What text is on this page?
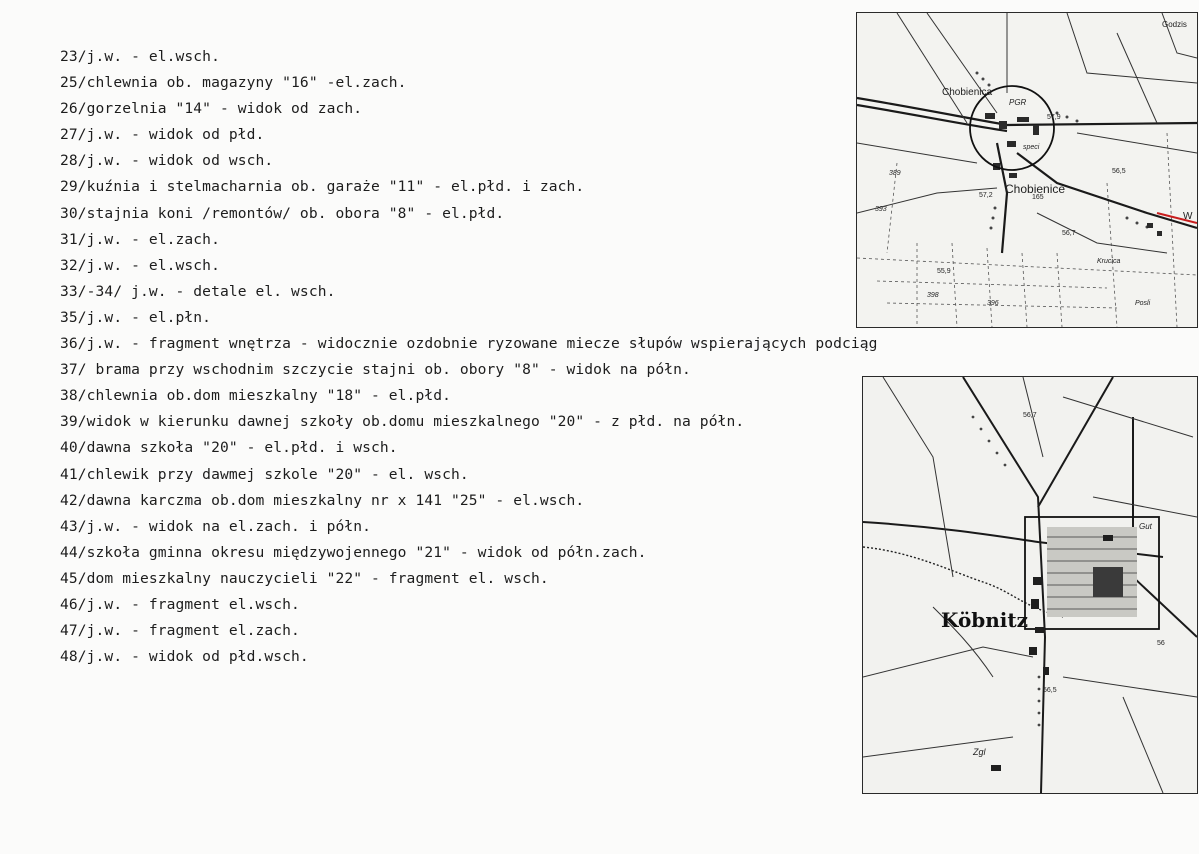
23/j.w. - el.wsch.
25/chlewnia ob. magazyny "16" -el.zach.
26/gorzelnia "14" - widok od zach.
27/j.w. - widok od płd.
28/j.w. - widok od wsch.
29/kuźnia i stelmacharnia ob. garaże "11" - el.płd. i zach.
30/stajnia koni /remontów/ ob. obora "8" - el.płd.
31/j.w. - el.zach.
32/j.w. - el.wsch.
33/-34/ j.w. - detale el. wsch.
35/j.w. - el.płn.
36/j.w. - fragment wnętrza - widocznie ozdobnie ryzowane miecze słupów wspierających podciąg
37/ brama przy wschodnim szczycie stajni ob. obory "8" - widok na półn.
38/chlewnia ob.dom mieszkalny "18" - el.płd.
39/widok w kierunku dawnej szkoły ob.domu mieszkalnego "20" - z płd. na półn.
40/dawna szkoła "20" - el.płd. i wsch.
41/chlewik przy dawmej szkole "20" - el. wsch.
42/dawna karczma ob.dom mieszkalny nr x 141 "25" - el.wsch.
43/j.w. - widok na el.zach. i półn.
44/szkoła gminna okresu międzywojennego "21" - widok od półn.zach.
45/dom mieszkalny nauczycieli "22" - fragment el. wsch.
46/j.w. - fragment el.wsch.
47/j.w. - fragment el.zach.
48/j.w. - widok od płd.wsch.
Chobienica
PGR
Chobienice
Godzis
57,9
56,5
57,2	165
56,7
55,9
389
393
398
396
Krucica
Posli
speci
W
Köbnitz
Gut
Zgl
56,7
56,5
56
